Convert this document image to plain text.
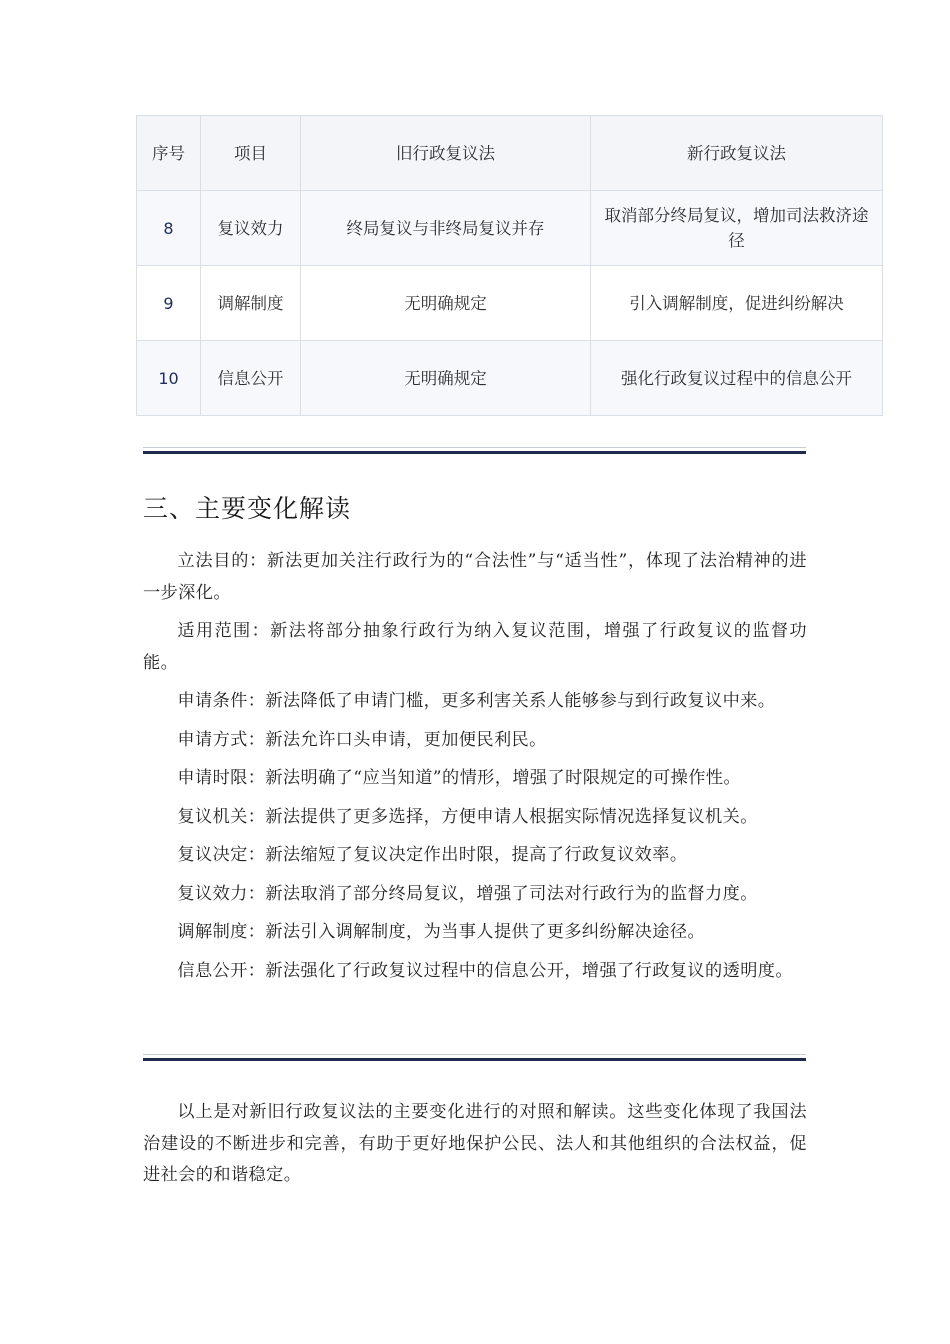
序号	项目	旧行政复议法	新行政复议法
8	复议效力	终局复议与非终局复议并存	取消部分终局复议，增加司法救济途径
9	调解制度	无明确规定	引入调解制度，促进纠纷解决
10	信息公开	无明确规定	强化行政复议过程中的信息公开
三、主要变化解读

立法目的：新法更加关注行政行为的“合法性”与“适当性”，体现了法治精神的进一步深化。

适用范围：新法将部分抽象行政行为纳入复议范围，增强了行政复议的监督功能。

申请条件：新法降低了申请门槛，更多利害关系人能够参与到行政复议中来。

申请方式：新法允许口头申请，更加便民利民。

申请时限：新法明确了“应当知道”的情形，增强了时限规定的可操作性。

复议机关：新法提供了更多选择，方便申请人根据实际情况选择复议机关。

复议决定：新法缩短了复议决定作出时限，提高了行政复议效率。

复议效力：新法取消了部分终局复议，增强了司法对行政行为的监督力度。

调解制度：新法引入调解制度，为当事人提供了更多纠纷解决途径。

信息公开：新法强化了行政复议过程中的信息公开，增强了行政复议的透明度。

以上是对新旧行政复议法的主要变化进行的对照和解读。这些变化体现了我国法治建设的不断进步和完善，有助于更好地保护公民、法人和其他组织的合法权益，促进社会的和谐稳定。
